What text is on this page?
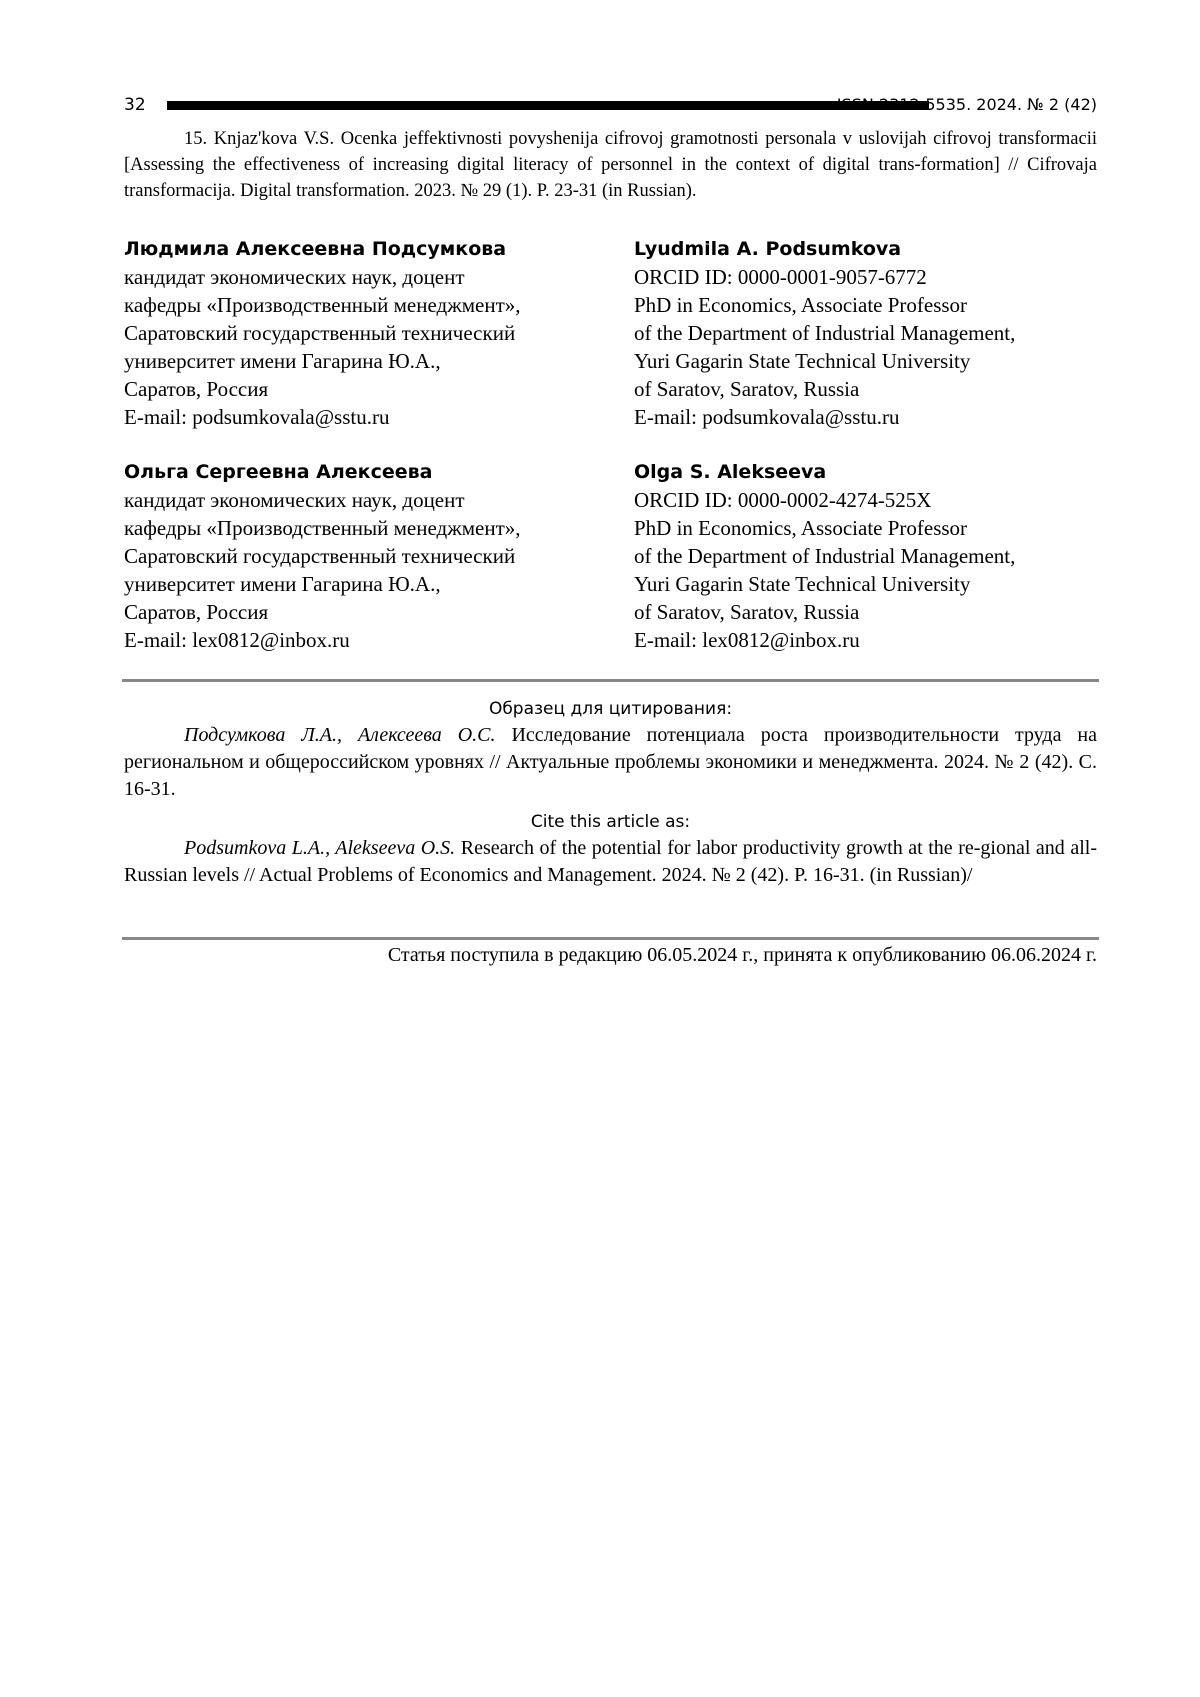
32	ISSN 2312-5535. 2024. № 2 (42)

15. Knjaz'kova V.S. Ocenka jeffektivnosti povyshenija cifrovoj gramotnosti personala v uslovijah cifrovoj transformacii [Assessing the effectiveness of increasing digital literacy of personnel in the context of digital trans-formation] // Cifrovaja transformacija. Digital transformation. 2023. № 29 (1). P. 23-31 (in Russian).

Людмила Алексеевна Подсумкова
кандидат экономических наук, доцент
кафедры «Производственный менеджмент»,
Саратовский государственный технический
университет имени Гагарина Ю.А.,
Саратов, Россия
E-mail: podsumkovala@sstu.ru
Lyudmila A. Podsumkova
ORCID ID: 0000-0001-9057-6772
PhD in Economics, Associate Professor
of the Department of Industrial Management,
Yuri Gagarin State Technical University
of Saratov, Saratov, Russia
E-mail: podsumkovala@sstu.ru
Ольга Сергеевна Алексеева
кандидат экономических наук, доцент
кафедры «Производственный менеджмент»,
Саратовский государственный технический
университет имени Гагарина Ю.А.,
Саратов, Россия
E-mail: lex0812@inbox.ru
Olga S. Alekseeva
ORCID ID: 0000-0002-4274-525X
PhD in Economics, Associate Professor
of the Department of Industrial Management,
Yuri Gagarin State Technical University
of Saratov, Saratov, Russia
E-mail: lex0812@inbox.ru
Образец для цитирования:

Подсумкова Л.А., Алексеева О.С. Исследование потенциала роста производительности труда на региональном и общероссийском уровнях // Актуальные проблемы экономики и менеджмента. 2024. № 2 (42). С. 16-31.

Cite this article as:

Podsumkova L.A., Alekseeva O.S. Research of the potential for labor productivity growth at the re-gional and all-Russian levels // Actual Problems of Economics and Management. 2024. № 2 (42). P. 16-31. (in Russian)/

Статья поступила в редакцию 06.05.2024 г., принята к опубликованию 06.06.2024 г.
